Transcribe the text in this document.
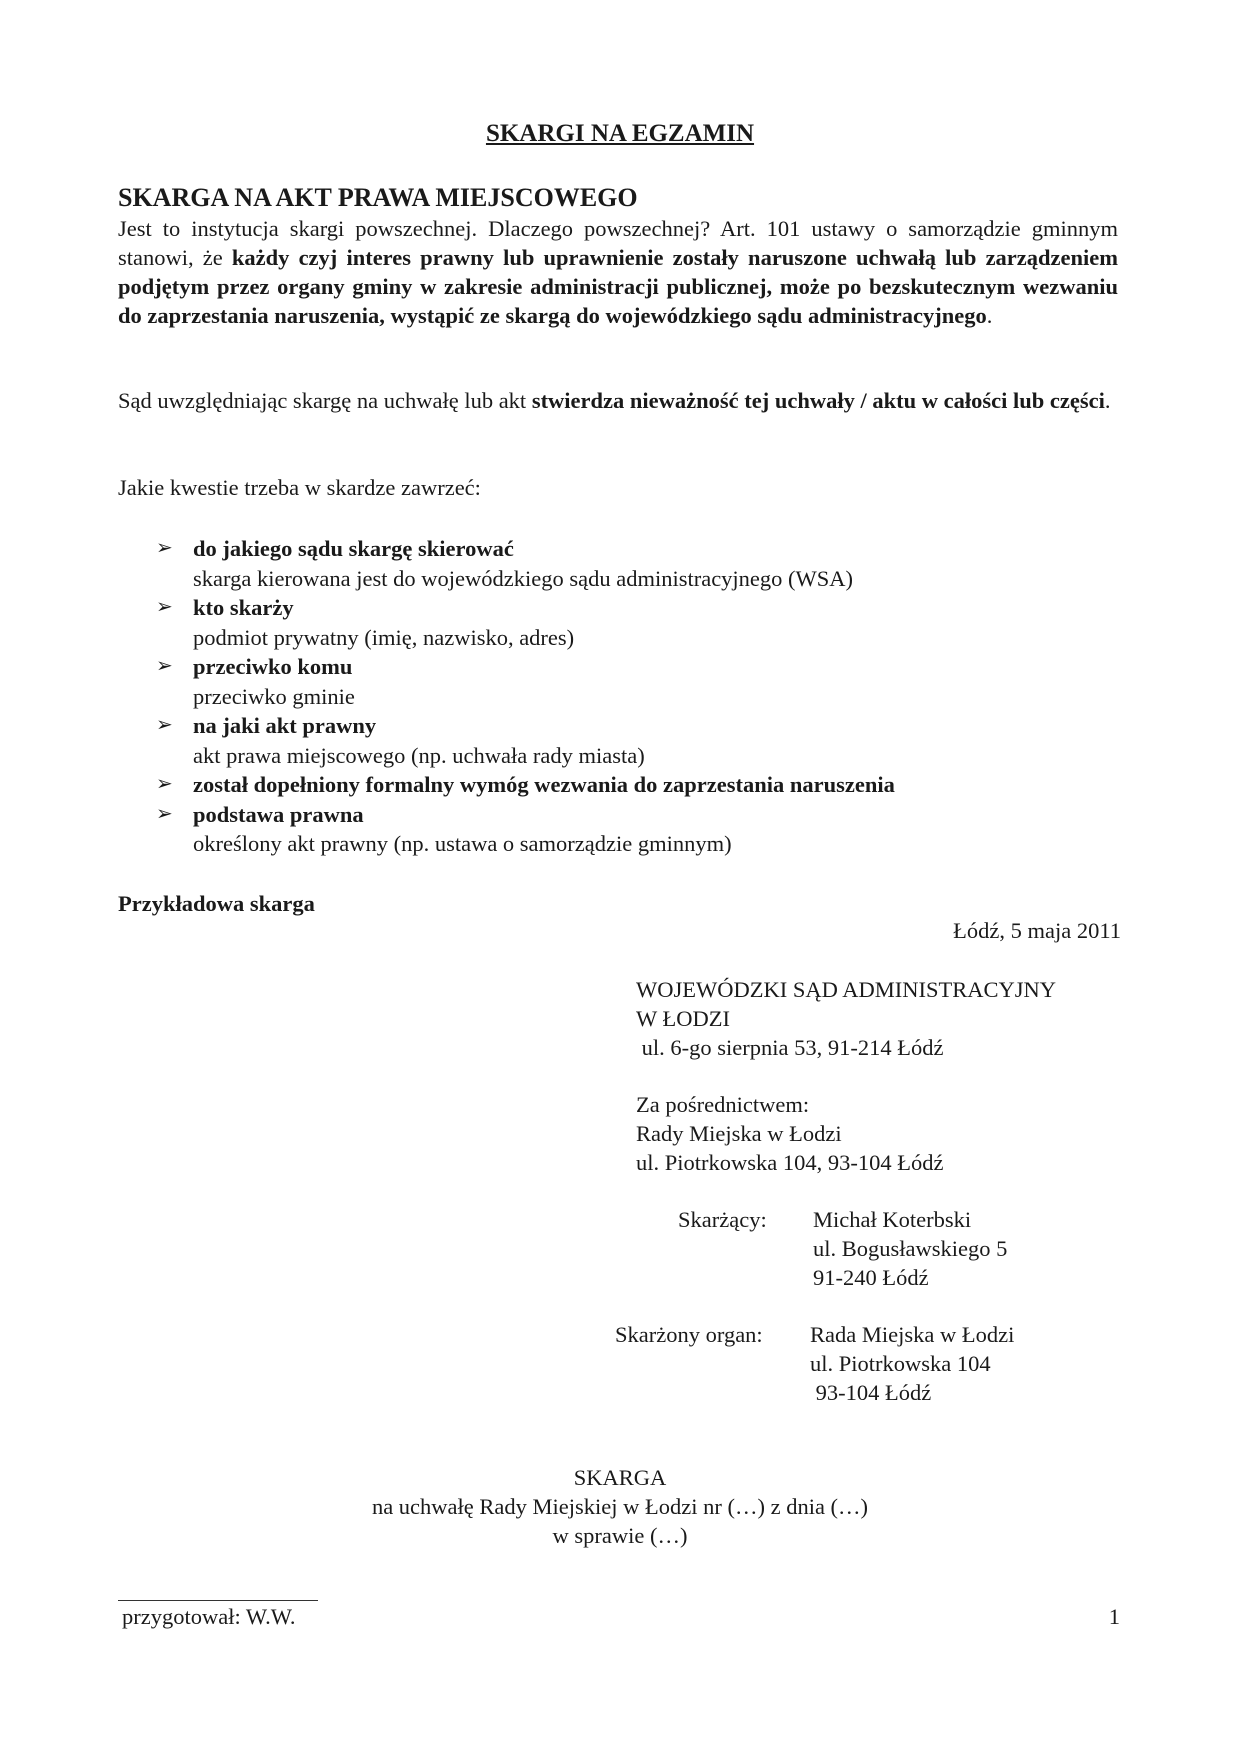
SKARGI NA EGZAMIN
SKARGA NA AKT PRAWA MIEJSCOWEGO
Jest to instytucja skargi powszechnej. Dlaczego powszechnej? Art. 101 ustawy o samorządzie gminnym stanowi, że każdy czyj interes prawny lub uprawnienie zostały naruszone uchwałą lub zarządzeniem podjętym przez organy gminy w zakresie administracji publicznej, może po bezskutecznym wezwaniu do zaprzestania naruszenia, wystąpić ze skargą do wojewódzkiego sądu administracyjnego.
Sąd uwzględniając skargę na uchwałę lub akt stwierdza nieważność tej uchwały / aktu w całości lub części.
Jakie kwestie trzeba w skardze zawrzeć:
➢ do jakiego sądu skargę skierować
skarga kierowana jest do wojewódzkiego sądu administracyjnego (WSA)
➢ kto skarży
podmiot prywatny (imię, nazwisko, adres)
➢ przeciwko komu
przeciwko gminie
➢ na jaki akt prawny
akt prawa miejscowego (np. uchwała rady miasta)
➢ został dopełniony formalny wymóg wezwania do zaprzestania naruszenia
➢ podstawa prawna
określony akt prawny (np. ustawa o samorządzie gminnym)
Przykładowa skarga
Łódź, 5 maja 2011
WOJEWÓDZKI SĄD ADMINISTRACYJNY
W ŁODZI
ul. 6-go sierpnia 53, 91-214 Łódź
Za pośrednictwem:
Rady Miejska w Łodzi
ul. Piotrkowska 104, 93-104 Łódź
Skarżący: Michał Koterbski
ul. Bogusławskiego 5
91-240 Łódź
Skarżony organ: Rada Miejska w Łodzi
ul. Piotrkowska 104
93-104 Łódź
SKARGA
na uchwałę Rady Miejskiej w Łodzi nr (…) z dnia (…)
w sprawie (…)
przygotował: W.W.	1
